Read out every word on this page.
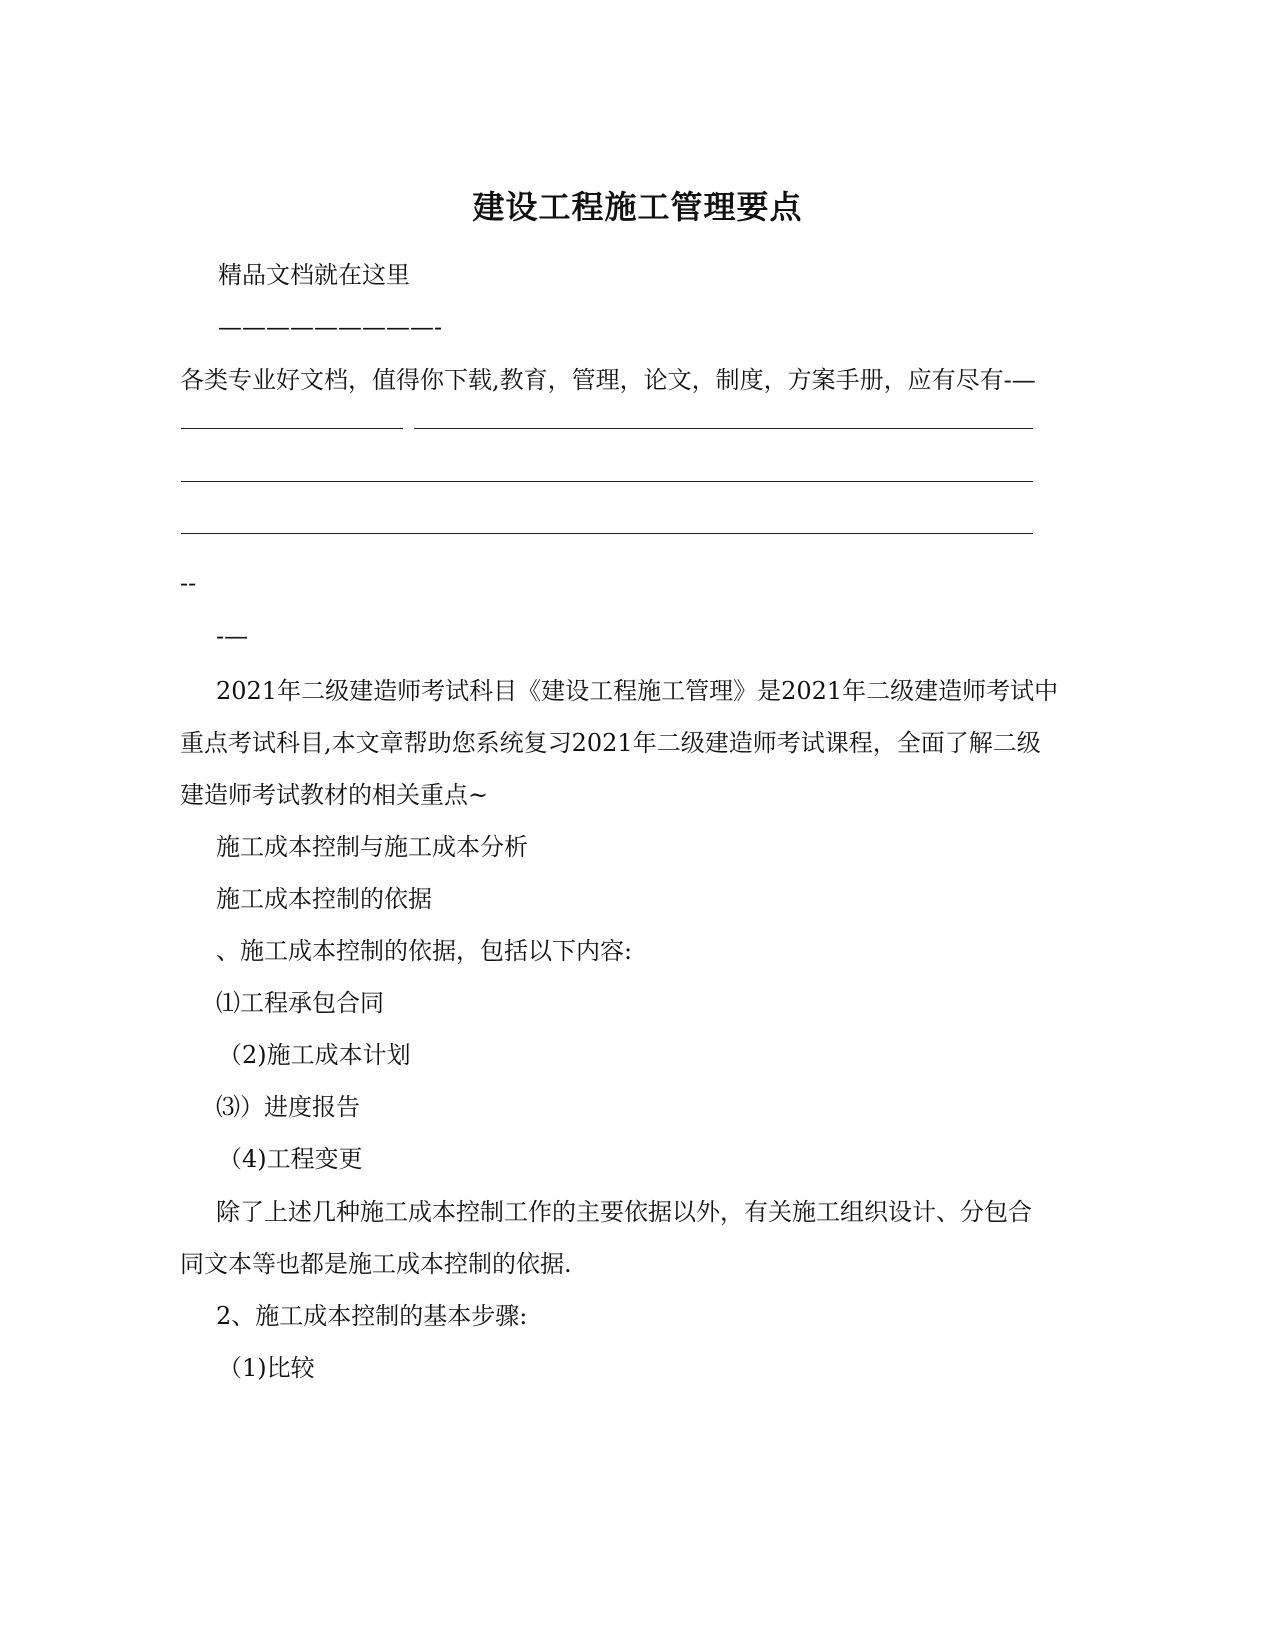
建设工程施工管理要点
精品文档就在这里
—————————-
各类专业好文档，值得你下载,教育，管理，论文，制度，方案手册，应有尽有-—
--
-—
2021年二级建造师考试科目《建设工程施工管理》是2021年二级建造师考试中
重点考试科目,本文章帮助您系统复习2021年二级建造师考试课程，全面了解二级
建造师考试教材的相关重点~
施工成本控制与施工成本分析
施工成本控制的依据
、施工成本控制的依据，包括以下内容:
⑴工程承包合同
（2)施工成本计划
⑶）进度报告
（4)工程变更
除了上述几种施工成本控制工作的主要依据以外，有关施工组织设计、分包合
同文本等也都是施工成本控制的依据.
2、施工成本控制的基本步骤:
（1)比较
